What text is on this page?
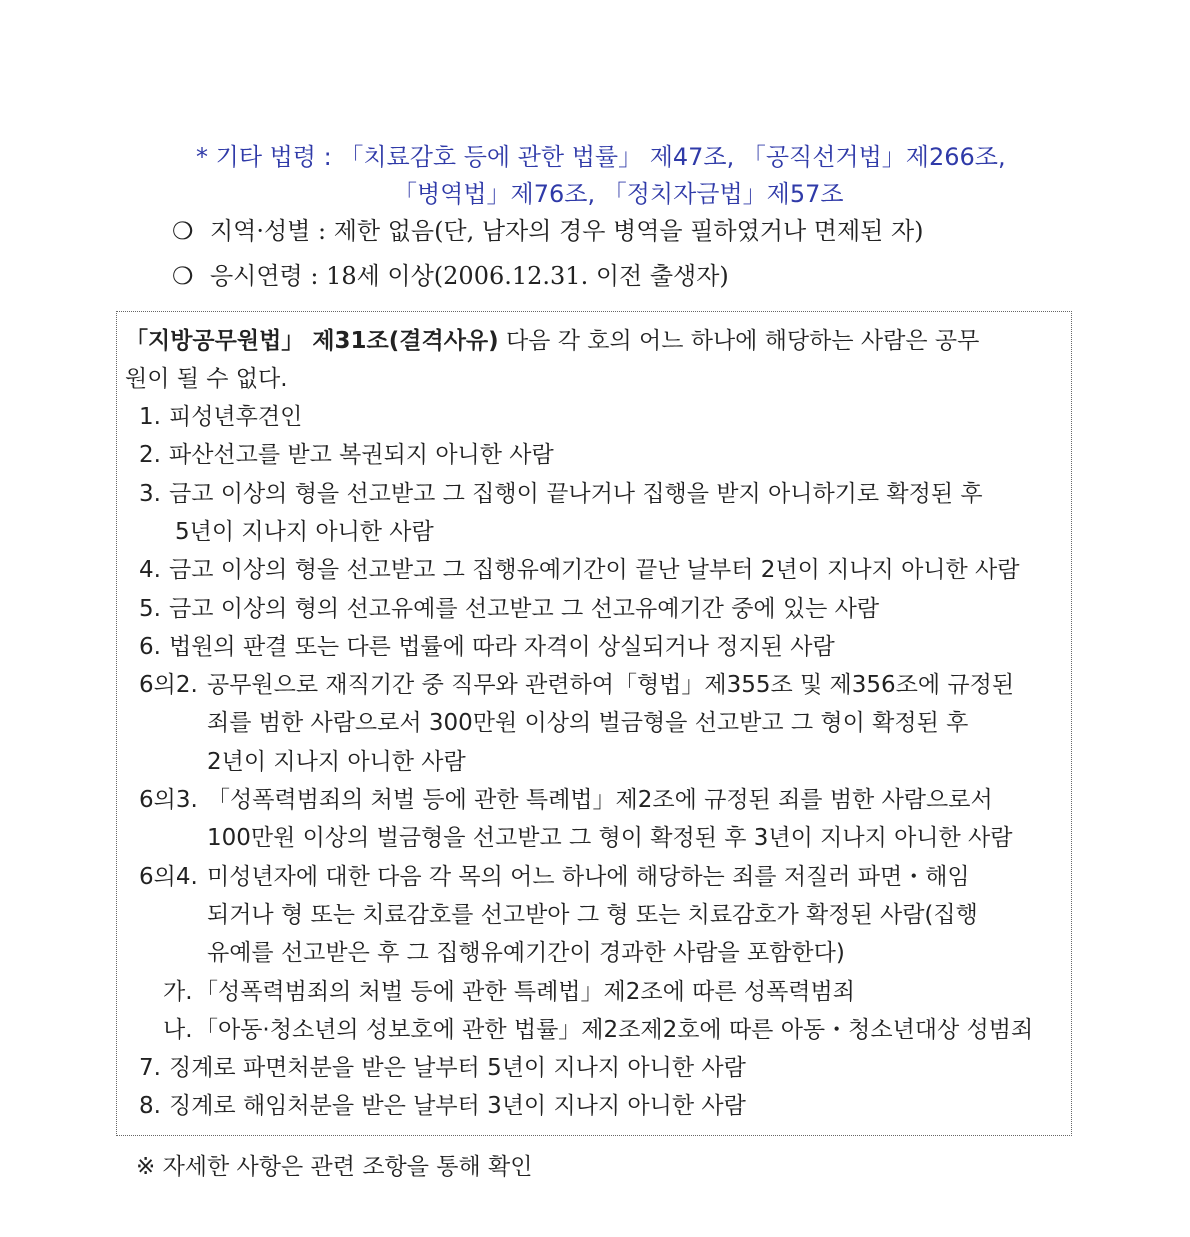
* 기타 법령 : 「치료감호 등에 관한 법률」 제47조, 「공직선거법」제266조,
「병역법」제76조, 「정치자금법」제57조
❍ 지역·성별 : 제한 없음(단, 남자의 경우 병역을 필하였거나 면제된 자)
❍ 응시연령 : 18세 이상(2006.12.31. 이전 출생자)
「지방공무원법」 제31조(결격사유) 다음 각 호의 어느 하나에 해당하는 사람은 공무
원이 될 수 없다.
1. 피성년후견인
2. 파산선고를 받고 복권되지 아니한 사람
3. 금고 이상의 형을 선고받고 그 집행이 끝나거나 집행을 받지 아니하기로 확정된 후
5년이 지나지 아니한 사람
4. 금고 이상의 형을 선고받고 그 집행유예기간이 끝난 날부터 2년이 지나지 아니한 사람
5. 금고 이상의 형의 선고유예를 선고받고 그 선고유예기간 중에 있는 사람
6. 법원의 판결 또는 다른 법률에 따라 자격이 상실되거나 정지된 사람
6의2. 공무원으로 재직기간 중 직무와 관련하여「형법」제355조 및 제356조에 규정된
죄를 범한 사람으로서 300만원 이상의 벌금형을 선고받고 그 형이 확정된 후
2년이 지나지 아니한 사람
6의3. 「성폭력범죄의 처벌 등에 관한 특례법」제2조에 규정된 죄를 범한 사람으로서
100만원 이상의 벌금형을 선고받고 그 형이 확정된 후 3년이 지나지 아니한 사람
6의4. 미성년자에 대한 다음 각 목의 어느 하나에 해당하는 죄를 저질러 파면・해임
되거나 형 또는 치료감호를 선고받아 그 형 또는 치료감호가 확정된 사람(집행
유예를 선고받은 후 그 집행유예기간이 경과한 사람을 포함한다)
가. 「성폭력범죄의 처벌 등에 관한 특례법」제2조에 따른 성폭력범죄
나. 「아동·청소년의 성보호에 관한 법률」제2조제2호에 따른 아동・청소년대상 성범죄
7. 징계로 파면처분을 받은 날부터 5년이 지나지 아니한 사람
8. 징계로 해임처분을 받은 날부터 3년이 지나지 아니한 사람
※ 자세한 사항은 관련 조항을 통해 확인
